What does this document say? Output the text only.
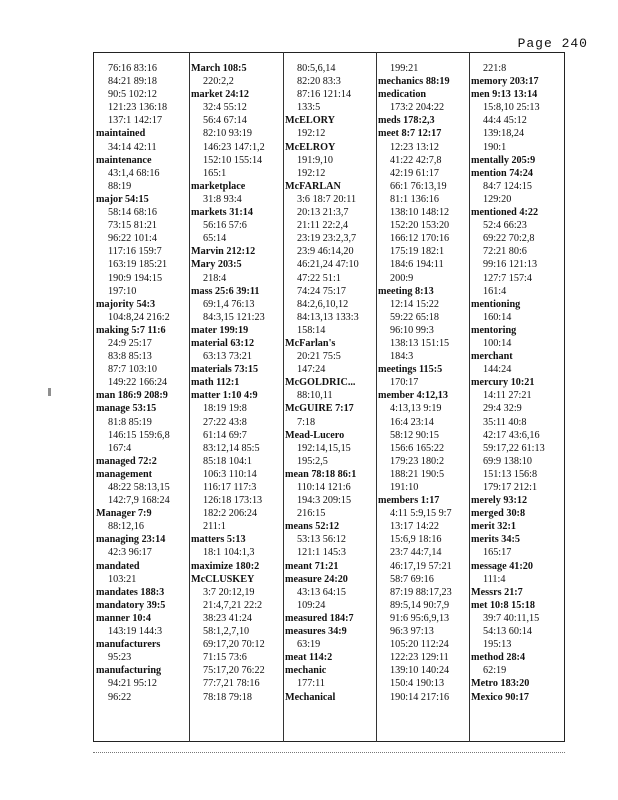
Page 240
76:16 83:16
84:21 89:18
90:5 102:12
121:23 136:18
137:1 142:17
maintained
34:14 42:11
maintenance
43:1,4 68:16
88:19
major 54:15
58:14 68:16
73:15 81:21
96:22 101:4
117:16 159:7
163:19 185:21
190:9 194:15
197:10
majority 54:3
104:8,24 216:2
making 5:7 11:6
24:9 25:17
83:8 85:13
87:7 103:10
149:22 166:24
man 186:9 208:9
manage 53:15
81:8 85:19
146:15 159:6,8
167:4
managed 72:2
management
48:22 58:13,15
142:7,9 168:24
Manager 7:9
88:12,16
managing 23:14
42:3 96:17
mandated
103:21
mandates 188:3
mandatory 39:5
manner 10:4
143:19 144:3
manufacturers
95:23
manufacturing
94:21 95:12
96:22
March 108:5
220:2,2
market 24:12
32:4 55:12
56:4 67:14
82:10 93:19
146:23 147:1,2
152:10 155:14
165:1
marketplace
31:8 93:4
markets 31:14
56:16 57:6
65:14
Marvin 212:12
Mary 203:5
218:4
mass 25:6 39:11
69:1,4 76:13
84:3,15 121:23
mater 199:19
material 63:12
63:13 73:21
materials 73:15
math 112:1
matter 1:10 4:9
18:19 19:8
27:22 43:8
61:14 69:7
83:12,14 85:5
85:18 104:1
106:3 110:14
116:17 117:3
126:18 173:13
182:2 206:24
211:1
matters 5:13
18:1 104:1,3
maximize 180:2
McCLUSKEY
3:7 20:12,19
21:4,7,21 22:2
38:23 41:24
58:1,2,7,10
69:17,20 70:12
71:15 73:6
75:17,20 76:22
77:7,21 78:16
78:18 79:18
80:5,6,14
82:20 83:3
87:16 121:14
133:5
McELORY
192:12
McELROY
191:9,10
192:12
McFARLAN
3:6 18:7 20:11
20:13 21:3,7
21:11 22:2,4
23:19 23:2,3,7
23:9 46:14,20
46:21,24 47:10
47:22 51:1
74:24 75:17
84:2,6,10,12
84:13,13 133:3
158:14
McFarlan's
20:21 75:5
147:24
McGOLDRIC...
88:10,11
McGUIRE 7:17
7:18
Mead-Lucero
192:14,15,15
195:2,5
mean 78:18 86:1
110:14 121:6
194:3 209:15
216:15
means 52:12
53:13 56:12
121:1 145:3
meant 71:21
measure 24:20
43:13 64:15
109:24
measured 184:7
measures 34:9
63:19
meat 114:2
mechanic
177:11
Mechanical
199:21
mechanics 88:19
medication
173:2 204:22
meds 178:2,3
meet 8:7 12:17
12:23 13:12
41:22 42:7,8
42:19 61:17
66:1 76:13,19
81:1 136:16
138:10 148:12
152:20 153:20
166:12 170:16
175:19 182:1
184:6 194:11
200:9
meeting 8:13
12:14 15:22
59:22 65:18
96:10 99:3
138:13 151:15
184:3
meetings 115:5
170:17
member 4:12,13
4:13,13 9:19
16:4 23:14
58:12 90:15
156:6 165:22
179:23 180:2
188:21 190:5
191:10
members 1:17
4:11 5:9,15 9:7
13:17 14:22
15:6,9 18:16
23:7 44:7,14
46:17,19 57:21
58:7 69:16
87:19 88:17,23
89:5,14 90:7,9
91:6 95:6,9,13
96:3 97:13
105:20 112:24
122:23 129:11
139:10 140:24
150:4 190:13
190:14 217:16
221:8
memory 203:17
men 9:13 13:14
15:8,10 25:13
44:4 45:12
139:18,24
190:1
mentally 205:9
mention 74:24
84:7 124:15
129:20
mentioned 4:22
52:4 66:23
69:22 70:2,8
72:21 80:6
99:16 121:13
127:7 157:4
161:4
mentioning
160:14
mentoring
100:14
merchant
144:24
mercury 10:21
14:11 27:21
29:4 32:9
35:11 40:8
42:17 43:6,16
59:17,22 61:13
69:9 138:10
151:13 156:8
179:17 212:1
merely 93:12
merged 30:8
merit 32:1
merits 34:5
165:17
message 41:20
111:4
Messrs 21:7
met 10:8 15:18
39:7 40:11,15
54:13 60:14
195:13
method 28:4
62:19
Metro 183:20
Mexico 90:17
